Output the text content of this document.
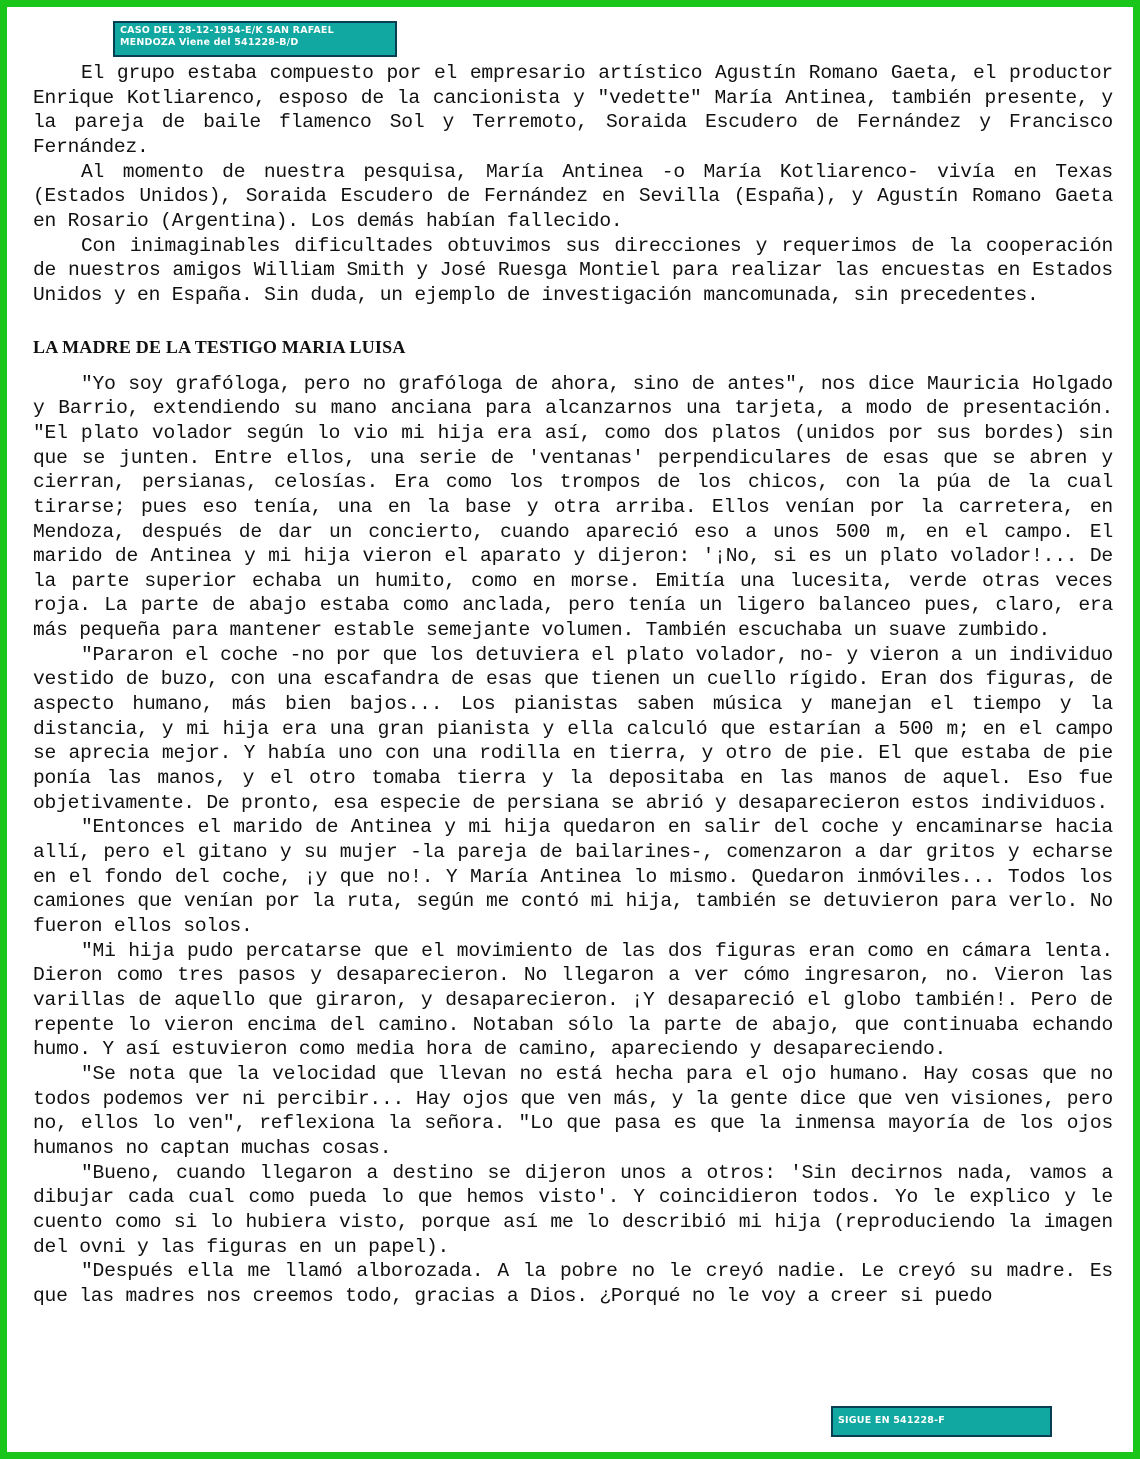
CASO DEL 28-12-1954-E/K SAN RAFAEL
MENDOZA Viene del 541228-B/D

El grupo estaba compuesto por el empresario artístico Agustín Romano Gaeta, el productor Enrique Kotliarenco, esposo de la cancionista y "vedette" María Antinea, también presente, y la pareja de baile flamenco Sol y Terremoto, Soraida Escudero de Fernández y Francisco Fernández.

Al momento de nuestra pesquisa, María Antinea -o María Kotliarenco- vivía en Texas (Estados Unidos), Soraida Escudero de Fernández en Sevilla (España), y Agustín Romano Gaeta en Rosario (Argentina). Los demás habían fallecido.

Con inimaginables dificultades obtuvimos sus direcciones y requerimos de la cooperación de nuestros amigos William Smith y José Ruesga Montiel para realizar las encuestas en Estados Unidos y en España. Sin duda, un ejemplo de investigación mancomunada, sin precedentes.

LA MADRE DE LA TESTIGO MARIA LUISA

"Yo soy grafóloga, pero no grafóloga de ahora, sino de antes", nos dice Mauricia Holgado y Barrio, extendiendo su mano anciana para alcanzarnos una tarjeta, a modo de presentación. "El plato volador según lo vio mi hija era así, como dos platos (unidos por sus bordes) sin que se junten. Entre ellos, una serie de 'ventanas' perpendiculares de esas que se abren y cierran, persianas, celosías. Era como los trompos de los chicos, con la púa de la cual tirarse; pues eso tenía, una en la base y otra arriba. Ellos venían por la carretera, en Mendoza, después de dar un concierto, cuando apareció eso a unos 500 m, en el campo. El marido de Antinea y mi hija vieron el aparato y dijeron: '¡No, si es un plato volador!... De la parte superior echaba un humito, como en morse. Emitía una lucesita, verde otras veces roja. La parte de abajo estaba como anclada, pero tenía un ligero balanceo pues, claro, era más pequeña para mantener estable semejante volumen. También escuchaba un suave zumbido.

"Pararon el coche -no por que los detuviera el plato volador, no- y vieron a un individuo vestido de buzo, con una escafandra de esas que tienen un cuello rígido. Eran dos figuras, de aspecto humano, más bien bajos... Los pianistas saben música y manejan el tiempo y la distancia, y mi hija era una gran pianista y ella calculó que estarían a 500 m; en el campo se aprecia mejor. Y había uno con una rodilla en tierra, y otro de pie. El que estaba de pie ponía las manos, y el otro tomaba tierra y la depositaba en las manos de aquel. Eso fue objetivamente. De pronto, esa especie de persiana se abrió y desaparecieron estos individuos.

"Entonces el marido de Antinea y mi hija quedaron en salir del coche y encaminarse hacia allí, pero el gitano y su mujer -la pareja de bailarines-, comenzaron a dar gritos y echarse en el fondo del coche, ¡y que no!. Y María Antinea lo mismo. Quedaron inmóviles... Todos los camiones que venían por la ruta, según me contó mi hija, también se detuvieron para verlo. No fueron ellos solos.

"Mi hija pudo percatarse que el movimiento de las dos figuras eran como en cámara lenta. Dieron como tres pasos y desaparecieron. No llegaron a ver cómo ingresaron, no. Vieron las varillas de aquello que giraron, y desaparecieron. ¡Y desapareció el globo también!. Pero de repente lo vieron encima del camino. Notaban sólo la parte de abajo, que continuaba echando humo. Y así estuvieron como media hora de camino, apareciendo y desapareciendo.

"Se nota que la velocidad que llevan no está hecha para el ojo humano. Hay cosas que no todos podemos ver ni percibir... Hay ojos que ven más, y la gente dice que ven visiones, pero no, ellos lo ven", reflexiona la señora. "Lo que pasa es que la inmensa mayoría de los ojos humanos no captan muchas cosas.

"Bueno, cuando llegaron a destino se dijeron unos a otros: 'Sin decirnos nada, vamos a dibujar cada cual como pueda lo que hemos visto'. Y coincidieron todos. Yo le explico y le cuento como si lo hubiera visto, porque así me lo describió mi hija (reproduciendo la imagen del ovni y las figuras en un papel).

"Después ella me llamó alborozada. A la pobre no le creyó nadie. Le creyó su madre. Es que las madres nos creemos todo, gracias a Dios. ¿Porqué no le voy a creer si puedo

SIGUE EN 541228-F
